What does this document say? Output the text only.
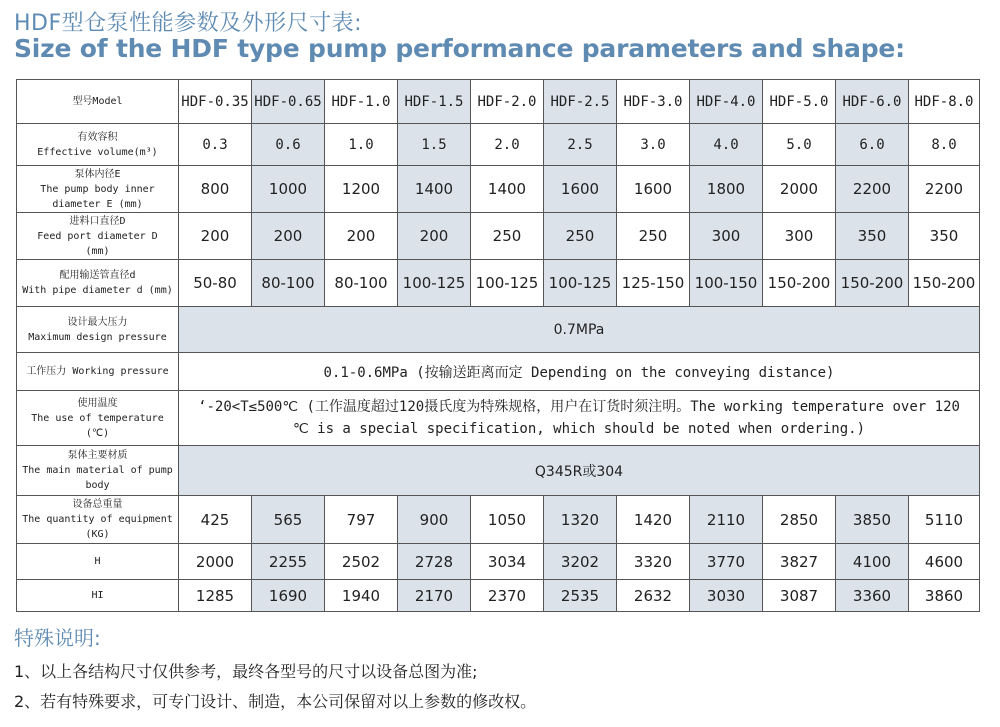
HDF型仓泵性能参数及外形尺寸表:
Size of the HDF type pump performance parameters and shape:
型号Model	HDF-0.35	HDF-0.65	HDF-1.0	HDF-1.5	HDF-2.0	HDF-2.5	HDF-3.0	HDF-4.0	HDF-5.0	HDF-6.0	HDF-8.0

有效容积
Effective volume(m³)	0.3	0.6	1.0	1.5	2.0	2.5	3.0	4.0	5.0	6.0	8.0

泵体内径E
The pump body inner
diameter E (mm)	800	1000	1200	1400	1400	1600	1600	1800	2000	2200	2200

进料口直径D
Feed port diameter D
(mm)	200	200	200	200	250	250	250	300	300	350	350

配用输送管直径d
With pipe diameter d (mm)	50-80	80-100	80-100	100-125	100-125	100-125	125-150	100-150	150-200	150-200	150-200

设计最大压力
Maximum design pressure	0.7MPa										

工作压力 Working pressure	0.1-0.6MPa (按输送距离而定 Depending on the conveying distance)										

使用温度
The use of temperature
(℃)	‘-20<T≤500℃ (工作温度超过120摄氏度为特殊规格，用户在订货时须注明。The working temperature over 120 ℃ is a special specification, which should be noted when ordering.)										

泵体主要材质
The main material of pump
body	Q345R或304										

设备总重量
The quantity of equipment
(KG)	425	565	797	900	1050	1320	1420	2110	2850	3850	5110

H	2000	2255	2502	2728	3034	3202	3320	3770	3827	4100	4600

HI	1285	1690	1940	2170	2370	2535	2632	3030	3087	3360	3860
特殊说明:
1、以上各结构尺寸仅供参考，最终各型号的尺寸以设备总图为准;
2、若有特殊要求，可专门设计、制造，本公司保留对以上参数的修改权。
